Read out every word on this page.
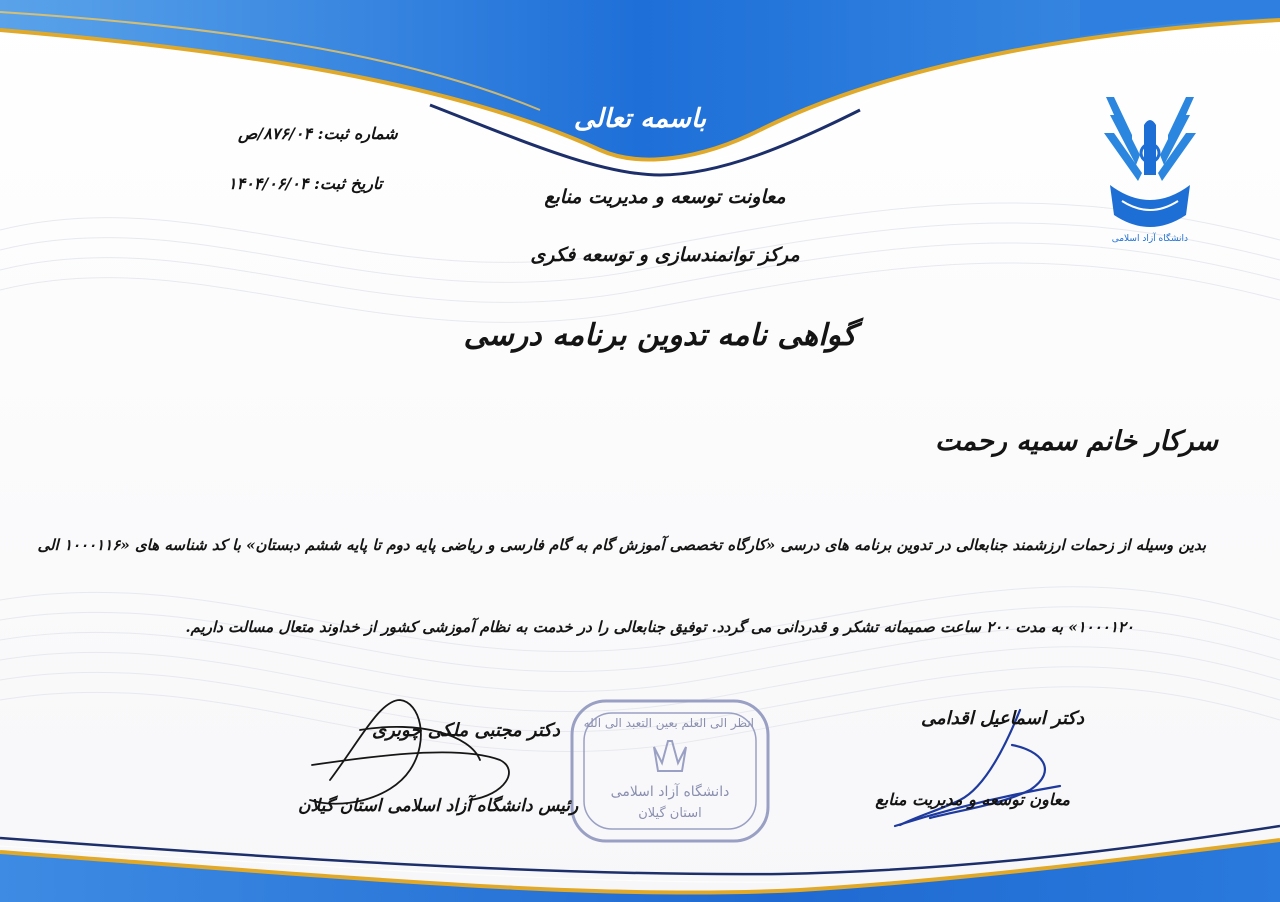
باسمه تعالی
شماره ثبت: ۸۷۶/۰۴/ص
تاریخ ثبت: ۱۴۰۴/۰۶/۰۴
معاونت توسعه و مدیریت منابع
مرکز توانمندسازی و توسعه فکری
گواهی نامه تدوین برنامه درسی
سرکار خانم سمیه رحمت
بدین وسیله از زحمات ارزشمند جنابعالی در تدوین برنامه های درسی «کارگاه تخصصی آموزش گام به گام فارسی و ریاضی پایه دوم تا پایه ششم دبستان» با کد شناسه های «۱۰۰۰۱۱۶ الی
۱۰۰۰۱۲۰» به مدت ۲۰۰ ساعت صمیمانه تشکر و قدردانی می گردد. توفیق جنابعالی را در خدمت به نظام آموزشی کشور از خداوند متعال مسالت داریم.
دکتر اسماعیل اقدامی
معاون توسعه و مدیریت منابع
دکتر مجتبی ملکی چوبری
رئیس دانشگاه آزاد اسلامی استان گیلان
دانشگاه آزاد اسلامی
انظر الی العلم بعین التعبد الی الله
دانشگاه آزاد اسلامی
استان گیلان
